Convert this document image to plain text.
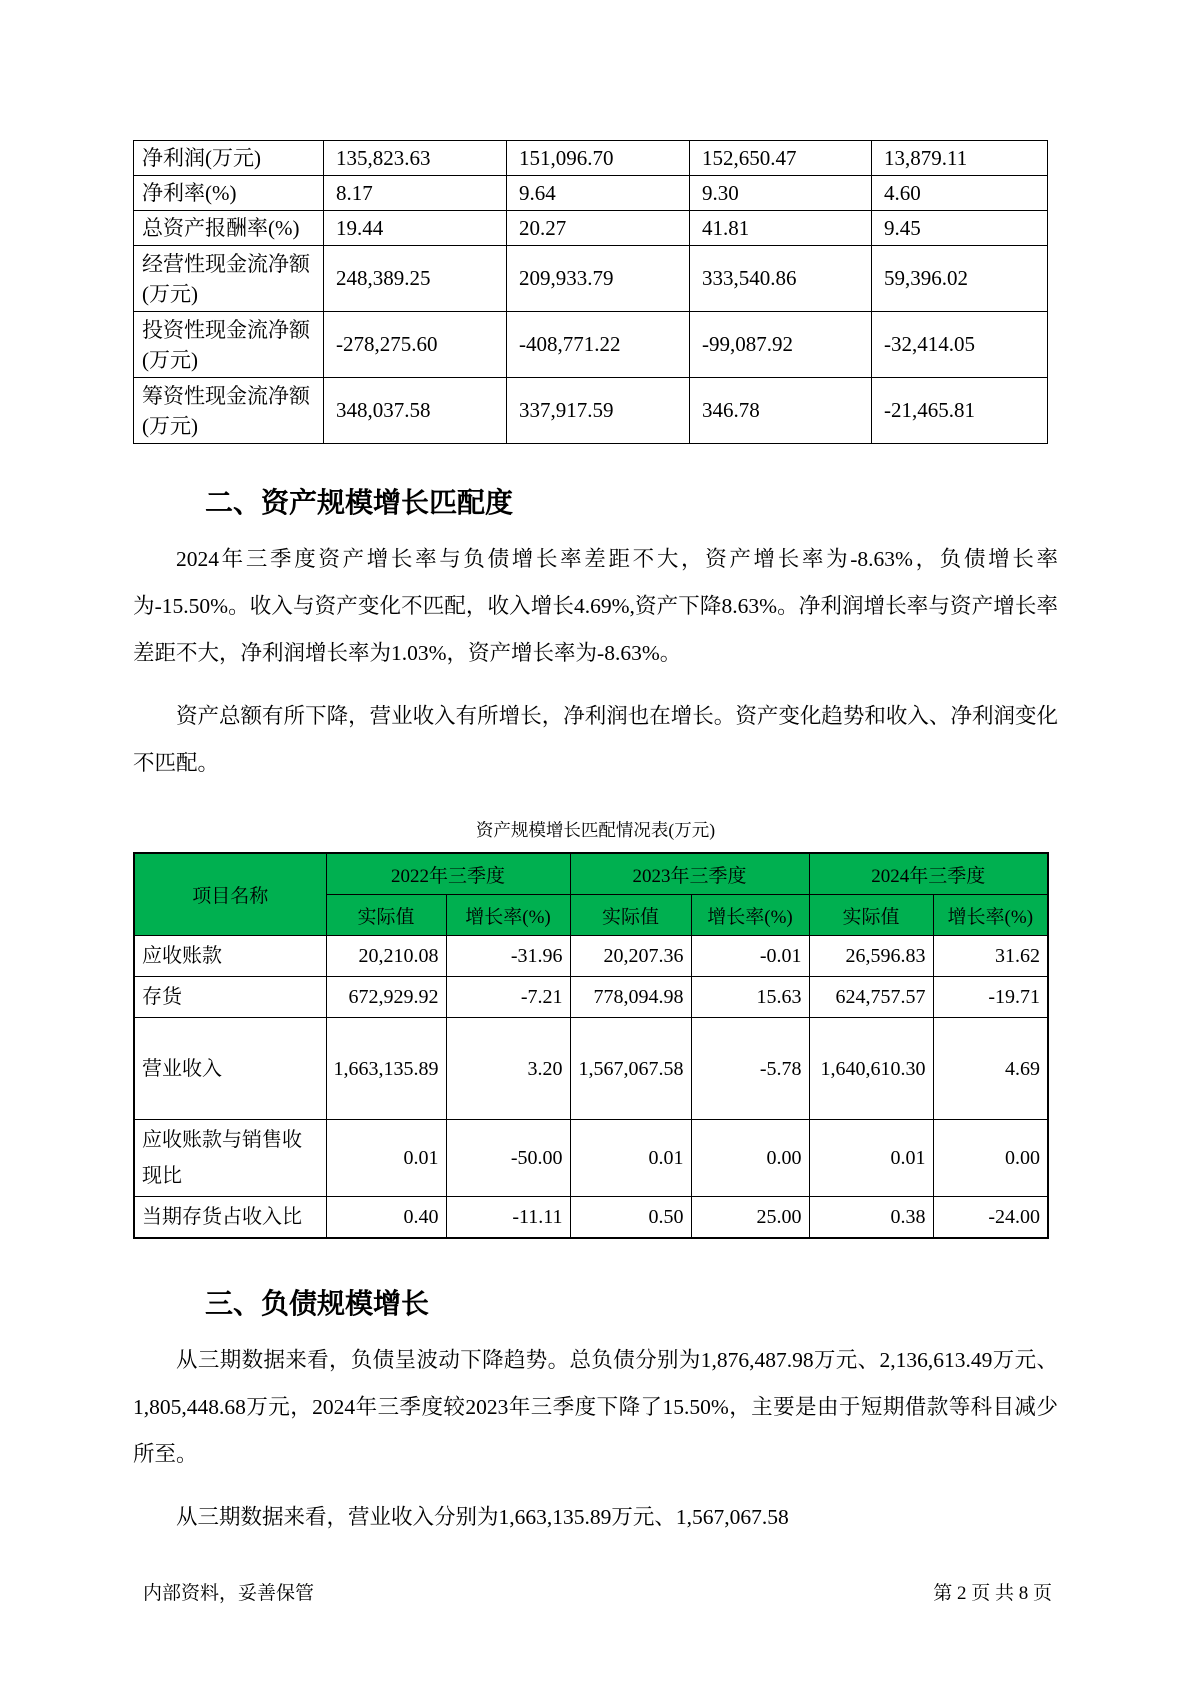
净利润(万元)	135,823.63	151,096.70	152,650.47	13,879.11
净利率(%)	8.17	9.64	9.30	4.60
总资产报酬率(%)	19.44	20.27	41.81	9.45
经营性现金流净额(万元)	248,389.25	209,933.79	333,540.86	59,396.02
投资性现金流净额(万元)	-278,275.60	-408,771.22	-99,087.92	-32,414.05
筹资性现金流净额(万元)	348,037.58	337,917.59	346.78	-21,465.81
二、资产规模增长匹配度

2024年三季度资产增长率与负债增长率差距不大，资产增长率为-8.63%，负债增长率为-15.50%。收入与资产变化不匹配，收入增长4.69%,资产下降8.63%。净利润增长率与资产增长率差距不大，净利润增长率为1.03%，资产增长率为-8.63%。

资产总额有所下降，营业收入有所增长，净利润也在增长。资产变化趋势和收入、净利润变化不匹配。

资产规模增长匹配情况表(万元)
项目名称	2022年三季度		2023年三季度		2024年三季度	
	实际值	增长率(%)	实际值	增长率(%)	实际值	增长率(%)
应收账款	20,210.08	-31.96	20,207.36	-0.01	26,596.83	31.62
存货	672,929.92	-7.21	778,094.98	15.63	624,757.57	-19.71
营业收入	1,663,135.89	3.20	1,567,067.58	-5.78	1,640,610.30	4.69
应收账款与销售收现比	0.01	-50.00	0.01	0.00	0.01	0.00
当期存货占收入比	0.40	-11.11	0.50	25.00	0.38	-24.00
三、负债规模增长

从三期数据来看，负债呈波动下降趋势。总负债分别为1,876,487.98万元、2,136,613.49万元、1,805,448.68万元，2024年三季度较2023年三季度下降了15.50%，主要是由于短期借款等科目减少所至。

从三期数据来看，营业收入分别为1,663,135.89万元、1,567,067.58

内部资料，妥善保管	第 2 页 共 8 页
